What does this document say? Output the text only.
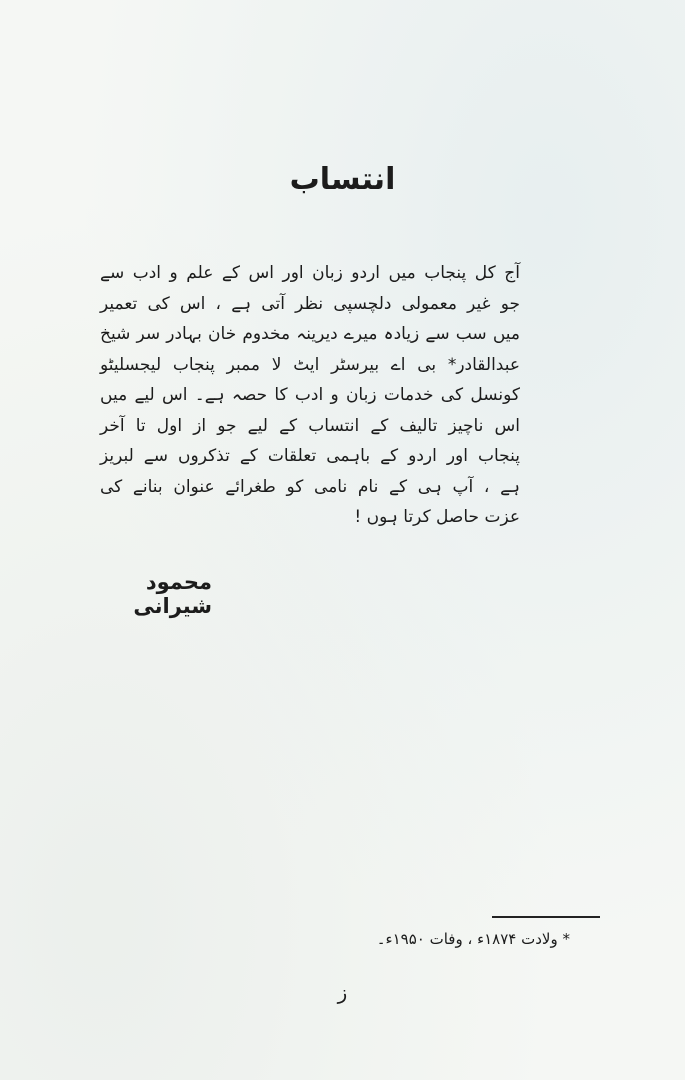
انتساب
آج کل پنجاب میں اردو زبان اور اس کے علم و ادب سے
جو غیر معمولی دلچسپی نظر آتی ہے ، اس کی تعمیر
میں سب سے زیادہ میرے دیرینہ مخدوم خان بہادر سر شیخ
عبدالقادر* بی اے بیرسٹر ایٹ لا ممبر پنجاب لیجسلیٹو
کونسل کی خدمات زبان و ادب کا حصہ ہے۔ اس لیے میں
اس ناچیز تالیف کے انتساب کے لیے جو از اول تا آخر
پنجاب اور اردو کے باہمی تعلقات کے تذکروں سے لبریز
ہے ، آپ ہی کے نام نامی کو طغرائے عنوان بنانے کی
عزت حاصل کرتا ہوں !
محمود شیرانی
* ولادت ۱۸۷۴ء ، وفات ۱۹۵۰ء۔
ز
